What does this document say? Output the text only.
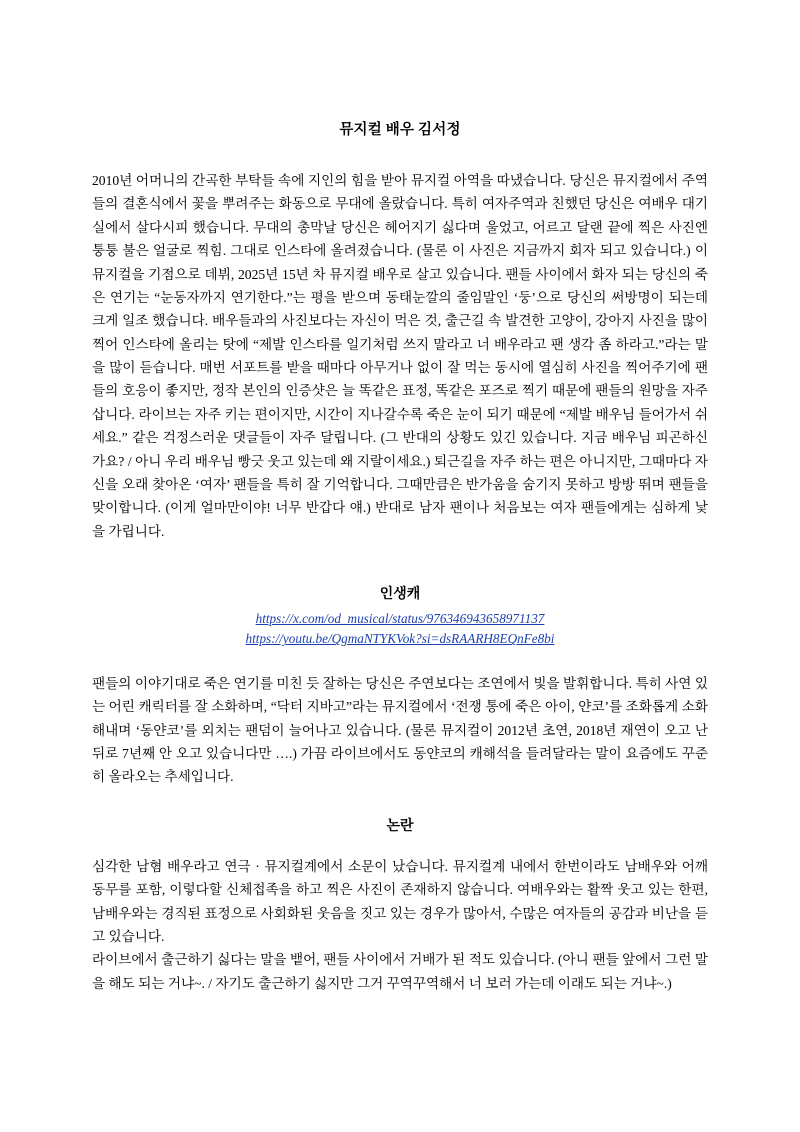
뮤지컬 배우 김서정

2010년 어머니의 간곡한 부탁들 속에 지인의 힘을 받아 뮤지컬 아역을 따냈습니다. 당신은 뮤지컬에서 주역들의 결혼식에서 꽃을 뿌려주는 화동으로 무대에 올랐습니다. 특히 여자주역과 친했던 당신은 여배우 대기실에서 살다시피 했습니다. 무대의 총막날 당신은 헤어지기 싫다며 울었고, 어르고 달랜 끝에 찍은 사진엔 퉁퉁 불은 얼굴로 찍힘. 그대로 인스타에 올려졌습니다. (물론 이 사진은 지금까지 회자 되고 있습니다.) 이 뮤지컬을 기점으로 데뷔, 2025년 15년 차 뮤지컬 배우로 살고 있습니다. 팬들 사이에서 화자 되는 당신의 죽은 연기는 “눈동자까지 연기한다.”는 평을 받으며 동태눈깔의 줄임말인 ‘둥’으로 당신의 써방명이 되는데 크게 일조 했습니다. 배우들과의 사진보다는 자신이 먹은 것, 출근길 속 발견한 고양이, 강아지 사진을 많이 찍어 인스타에 올리는 탓에 “제발 인스타를 일기처럼 쓰지 말라고 너 배우라고 팬 생각 좀 하라고.”라는 말을 많이 듣습니다. 매번 서포트를 받을 때마다 아무거나 없이 잘 먹는 동시에 열심히 사진을 찍어주기에 팬들의 호응이 좋지만, 정작 본인의 인증샷은 늘 똑같은 표정, 똑같은 포즈로 찍기 때문에 팬들의 원망을 자주 삽니다. 라이브는 자주 키는 편이지만, 시간이 지나갈수록 죽은 눈이 되기 때문에 “제발 배우님 들어가서 쉬세요.” 같은 걱정스러운 댓글들이 자주 달립니다. (그 반대의 상황도 있긴 있습니다. 지금 배우님 피곤하신가요? / 아니 우리 배우님 빵긋 웃고 있는데 왜 지랄이세요.) 퇴근길을 자주 하는 편은 아니지만, 그때마다 자신을 오래 찾아온 ‘여자’ 팬들을 특히 잘 기억합니다. 그때만큼은 반가움을 숨기지 못하고 방방 뛰며 팬들을 맞이합니다. (이게 얼마만이야! 너무 반갑다 얘.) 반대로 남자 팬이나 처음보는 여자 팬들에게는 심하게 낯을 가립니다.

인생캐
https://x.com/od_musical/status/976346943658971137
https://youtu.be/QgmaNTYKVok?si=dsRAARH8EQnFe8bi

팬들의 이야기대로 죽은 연기를 미친 듯 잘하는 당신은 주연보다는 조연에서 빛을 발휘합니다. 특히 사연 있는 어린 캐릭터를 잘 소화하며, “닥터 지바고”라는 뮤지컬에서 ‘전쟁 통에 죽은 아이, 얀코’를 조화롭게 소화해내며 ‘동얀코’를 외치는 팬덤이 늘어나고 있습니다. (물론 뮤지컬이 2012년 초연, 2018년 재연이 오고 난 뒤로 7년째 안 오고 있습니다만 ….) 가끔 라이브에서도 동얀코의 캐해석을 들려달라는 말이 요즘에도 꾸준히 올라오는 추세입니다.

논란

심각한 남혐 배우라고 연극 · 뮤지컬계에서 소문이 났습니다. 뮤지컬계 내에서 한번이라도 남배우와 어깨 동무를 포함, 이렇다할 신체접족을 하고 찍은 사진이 존재하지 않습니다. 여배우와는 활짝 웃고 있는 한편, 남배우와는 경직된 표정으로 사회화된 웃음을 짓고 있는 경우가 많아서, 수많은 여자들의 공감과 비난을 듣고 있습니다.

라이브에서 출근하기 싫다는 말을 뱉어, 팬들 사이에서 거배가 된 적도 있습니다. (아니 팬들 앞에서 그런 말을 해도 되는 거냐~. / 자기도 출근하기 싫지만 그거 꾸역꾸역해서 너 보러 가는데 이래도 되는 거냐~.)
